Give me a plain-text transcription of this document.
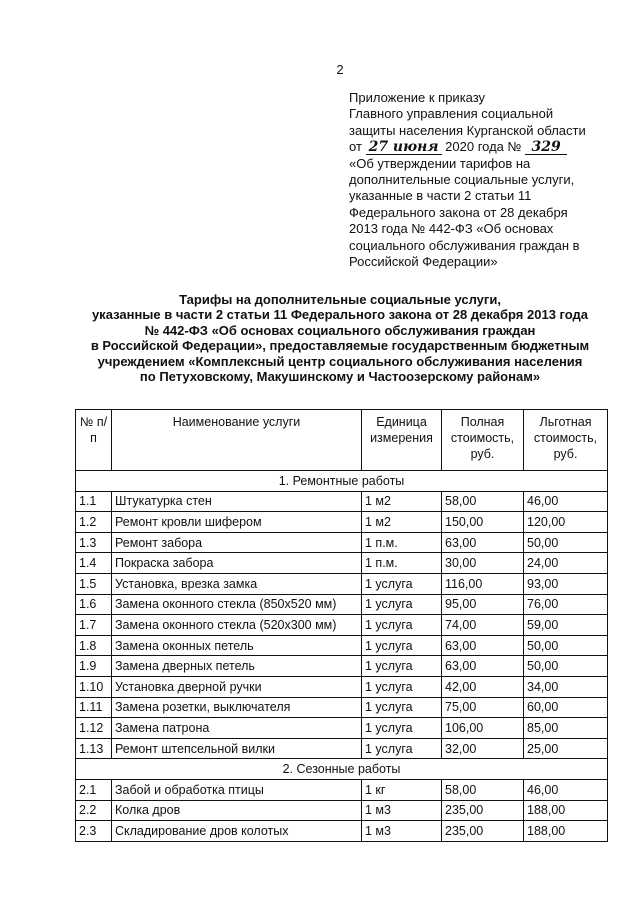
2

Приложение к приказу

Главного управления социальной

защиты населения Курганской области

от 27 июня 2020 года № 329

«Об утверждении тарифов на

дополнительные социальные услуги,

указанные в части 2 статьи 11

Федерального закона от 28 декабря

2013 года № 442-ФЗ «Об основах

социального обслуживания граждан в

Российской Федерации»

Тарифы на дополнительные социальные услуги,

указанные в части 2 статьи 11 Федерального закона от 28 декабря 2013 года

№ 442-ФЗ «Об основах социального обслуживания граждан

в Российской Федерации», предоставляемые государственным бюджетным

учреждением «Комплексный центр социального обслуживания населения

по Петуховскому, Макушинскому и Частоозерскому районам»

№ п/п	Наименование услуги	Единица измерения	Полная стоимость, руб.	Льготная стоимость, руб.
1. Ремонтные работы				
1.1	Штукатурка стен	1 м2	58,00	46,00
1.2	Ремонт кровли шифером	1 м2	150,00	120,00
1.3	Ремонт забора	1 п.м.	63,00	50,00
1.4	Покраска забора	1 п.м.	30,00	24,00
1.5	Установка, врезка замка	1 услуга	116,00	93,00
1.6	Замена оконного стекла (850x520 мм)	1 услуга	95,00	76,00
1.7	Замена оконного стекла (520x300 мм)	1 услуга	74,00	59,00
1.8	Замена оконных петель	1 услуга	63,00	50,00
1.9	Замена дверных петель	1 услуга	63,00	50,00
1.10	Установка дверной ручки	1 услуга	42,00	34,00
1.11	Замена розетки, выключателя	1 услуга	75,00	60,00
1.12	Замена патрона	1 услуга	106,00	85,00
1.13	Ремонт штепсельной вилки	1 услуга	32,00	25,00
2. Сезонные работы				
2.1	Забой и обработка птицы	1 кг	58,00	46,00
2.2	Колка дров	1 м3	235,00	188,00
2.3	Складирование дров колотых	1 м3	235,00	188,00
